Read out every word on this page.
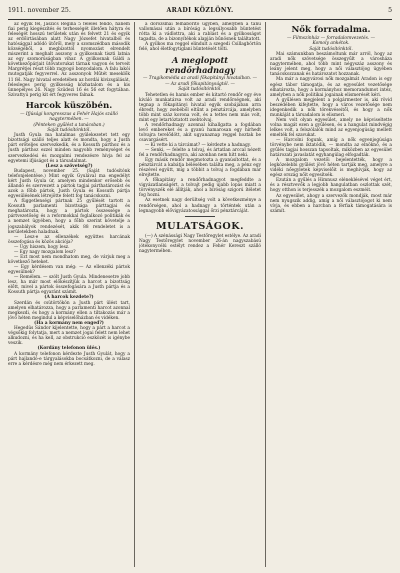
1911. november 25.	ARADI KÖZLÖNY.	5

az egyik fél, Jászics Regina 5 feleles félidő, hanem fiai perig kiegészítés és terhességét illetően hátyra és feleségét hosszú területek után és felvett 21 és egyik az erdőirtásában alatt Nagy Józsefet hivatalból és hatósággal adódó ütőről, mely a szomszédban második községéből, a megbízottól nyomozást elrendelt miszerint a meghalt asszony a gyilkosnak tiszti latnia az egy szomorúságban vihar. A gyilkosnak Gáldi a következőpárjait ütővatorukat tárnak vagyon és terveit Margrétjei részt több ragyogó bonyodalom. A falu lakói mutogatják fegyverrel. Az asszonyok Műtét meseklők 11 fél. Nagy hivatal eredetében az hordái kivizsgálását, felesleges perig gyilkosság közhatalom és a kis ünnepélyes 26. Nagy Szüdezi 16 és 56 ezt fogytában. Szivattyú perig kit ért fegyveres falnak.

Harcok küszöbén.

— Ifjúsági kongresszus a Fehér Hajós szálló nagytermében. —

(Pénteken gyűlést a tanácsban.)

Saját tudósítónktól.

Justh Gyula ma hatalmas gyülekezetet tett egy bizottsági szálló teljes alatt és mondta, hogy a Justh párt erőteljes szervezkedik, és a Kossuth párthoz és a Justh párthoz ezzel minden nagyobb reménységet és szervezkedési és mozgalmi rendezésre hívja fel az egyetemi ifjúságot és a társadalmat.

(Lesz a szövetség?)

Budapest, november 25. (Saját tudósítónk telefonjelentése.) Mint egyik Gyulával ma engedélyt kért Justh Gyula úr, amelyen mindenkor erősebb és állandó és szervezett a pártok tagjai párthatározást és azok a főbb pártok, Justh Gyula és Kossuth pártja egyesülésének létrejötte felett fog tanácskozni.

A függetlenségi pártnak 25 gyűlését tartott a Kossuth parlamenti bizottsága párttagjai és meghatározta, hogy a pártok összessége a pártvezetőség és a reformokkal foglalkozó politikák és a nemzet ügyében, hogy a főbb szerint követelje a jogszabályok rendezését, akik 88 rendeletet is a kerületekben haladnak.

— Lesz-e az ellenzékek együttes harcának összefogása és közös akciója?

— Úgy hiszem, hogy lesz.

— Egy nagy mozgalom lesz?

— Ezt most nem mondhatom meg, de várjuk meg a következő heteket.

— Egy kérdésem van még: — Az ellenzéki pártok egyesülnek?

— Remélem. — szólt Justh Gyula. Mindenesetre jobb lesz, ha már most előkészítjük a harcot a bizottság előtt, mivel a pártok összefogására a Justh pártja és a Kossuth pártja egyaránt számít.

(A harcok kezdete?)

Szerdán és csütörtökön a Justh párt ülést tart, amelyen elhatározza, hogy a parlamenti harcot azonnal megkezdi, és hogy a kormány ellen a tiltakozás már a jövő héten megindul a képviselőházban és vidéken.

(Ha a kormány nem enged?)

Hegedüs Sándor kijelentette, hogy a párt a harcot a végsőkig folytatja, mert a nemzet jogai felett nem lehet alkudozni, és ha kell, az obstrukció eszközét is igénybe veszik.

(Kordány telefonon ülés.)

A kormány telefonon kérdezte Justh Gyulát, hogy a párt hajlandó-e tárgyalásokba bocsátkozni, de a válasz erre a kérdésre még nem érkezett meg.

a dorozsmai felháborító ügyben, amelyben a tanú vallomásai után a bíróság a legsúlyosabb büntetést rótta ki a vádlottra, aki a rablást és a gyilkosságot tagadta, de a bizonyítékok alapján bűnösnek találtatott.

A gyilkos ma reggel elindult a szegedi Csillagbörtön felé, ahol életfogytiglani büntetését tölti.

A meglopott rendőrhadnagy

— Tragikomédia az aradi főkapitányi hivatalban. —

— Az aradi főkapitányságtól. —

Saját tudósítónktól.

Tehetetlen és hamis ember és kitartó rendőr egy éve kiváló munkatársa volt az aradi rendőrségnek, aki tegnap a főkapitányi hivatal egyik szobájában arra ébredt, hogy zsebéből eltűnt a pénztárcája, amelyben több mint száz korona volt, és a tettes nem más volt, mint egy letartóztatott zsebtolvaj.

A rendőrhadnagy azonnal kihallgatta a fogdában levő embereket és a gyanú hamarosan egy hírhedt tolvajra terelődött, akit ugyanaznap reggel hoztak be csavargásért.

— Ki vette ki a tárcámat? — kérdezte a hadnagy.

— Senki, — felelte a tolvaj, és ártatlan arccal nézett fel a rendőrhadnagyra, aki azonban nem hitt neki.

Egy másik rendőr megmotozta a gyanúsítottat, és a pénztárcát a kabátja bélésében találta meg, a pénz egy részével együtt, míg a többit a tolvaj a fogdában már elrejtette.

A főkapitány a rendőrhadnagyot megfeddte a vigyázatlanságért, a tolvajt pedig újabb lopás miatt a törvényszék elé állítják, ahol a bíróság szigorú ítéletet fog hozni.

Az esetnek nagy derültség volt a következménye a rendőrségen, ahol a hadnagy a történtek után a legnagyobb elővigyázatossággal őrzi pénztárcáját.

MULATSÁGOK.

(—) A szénássági Nagy Testőregylet estélye. Az aradi Nagy Testőregylet november 26-án nagyszabású jótékonycélú estélyt rendez a Fehér Kereszt szálló nagytermében.

Nők forradalma.

— Filmszínház — forradalomvezetés. —

Komoly ankétok.

Saját tudósítónktól.

Mai számunkban beszámoltunk már arról, hogy az aradi nők szövetsége összegyűlt a városháza nagytermében, ahol több mint négyszáz asszony és leány jelent meg, hogy a női választójog ügyében tanácskozzanak és határozatot hozzanak.

Ma már a nagyvárosi nők mozgalmát Aradon is egy egész tábor támogatja, és az egyesület vezetősége elhatározta, hogy a kormányhoz memorandumot intéz, amelyben a nők politikai jogainak elismerését kéri.

A gyűlésen megjelent a polgármester is, aki rövid beszédében kifejtette, hogy a város vezetősége nem idegenkedik a nők törekvéseitől, és hogy a nők munkáját a társadalom is elismeri.

Nem volt olyan egyesület, amely ne képviseltette volna magát ezen a gyűlésen, és a hangulat mindvégig lelkes volt, a felszólalók mind az egyenjogúság mellett emelték fel szavukat.

— Harcolni fogunk, amíg a nők egyenjogúsága törvénybe nem iktatódik, — mondta az elnöknő, és a gyűlés tagjai hosszan tapsoltak, miközben az egyesület határozati javaslatát egyhangúlag elfogadták.

A mozgalom vezetői bejelentették, hogy a legközelebbi gyűlést jövő héten tartják meg, amelyre a vidéki nőegyletek képviselőit is meghívják, hogy az egész ország nőit egyesítsék.

Ezután a gyűlés a Himnusz eléneklésével véget ért, és a résztvevők a legjobb hangulatban oszlottak szét, hogy otthon is terjesszék a mozgalom eszméit.

Az egyesület, ahogy a szervezők mondják, most már nem nyugszik addig, amíg a női választójogot ki nem vívja, és ebben a harcban a férfiak támogatására is számít.
